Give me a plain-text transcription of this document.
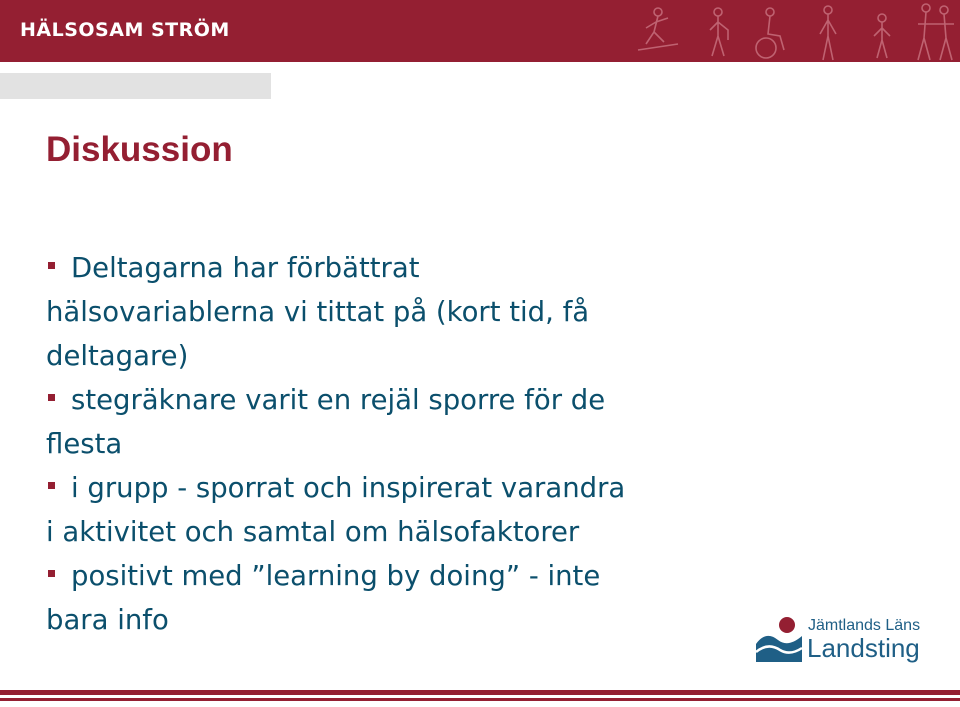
HÄLSOSAM STRÖM
Diskussion
Deltagarna har förbättrat
hälsovariablerna vi tittat på (kort tid, få
deltagare)
stegräknare varit en rejäl sporre för de
flesta
i grupp - sporrat och inspirerat varandra
i aktivitet och samtal om hälsofaktorer
positivt med ”learning by doing” - inte
bara info	Jämtlands Läns
Landsting
